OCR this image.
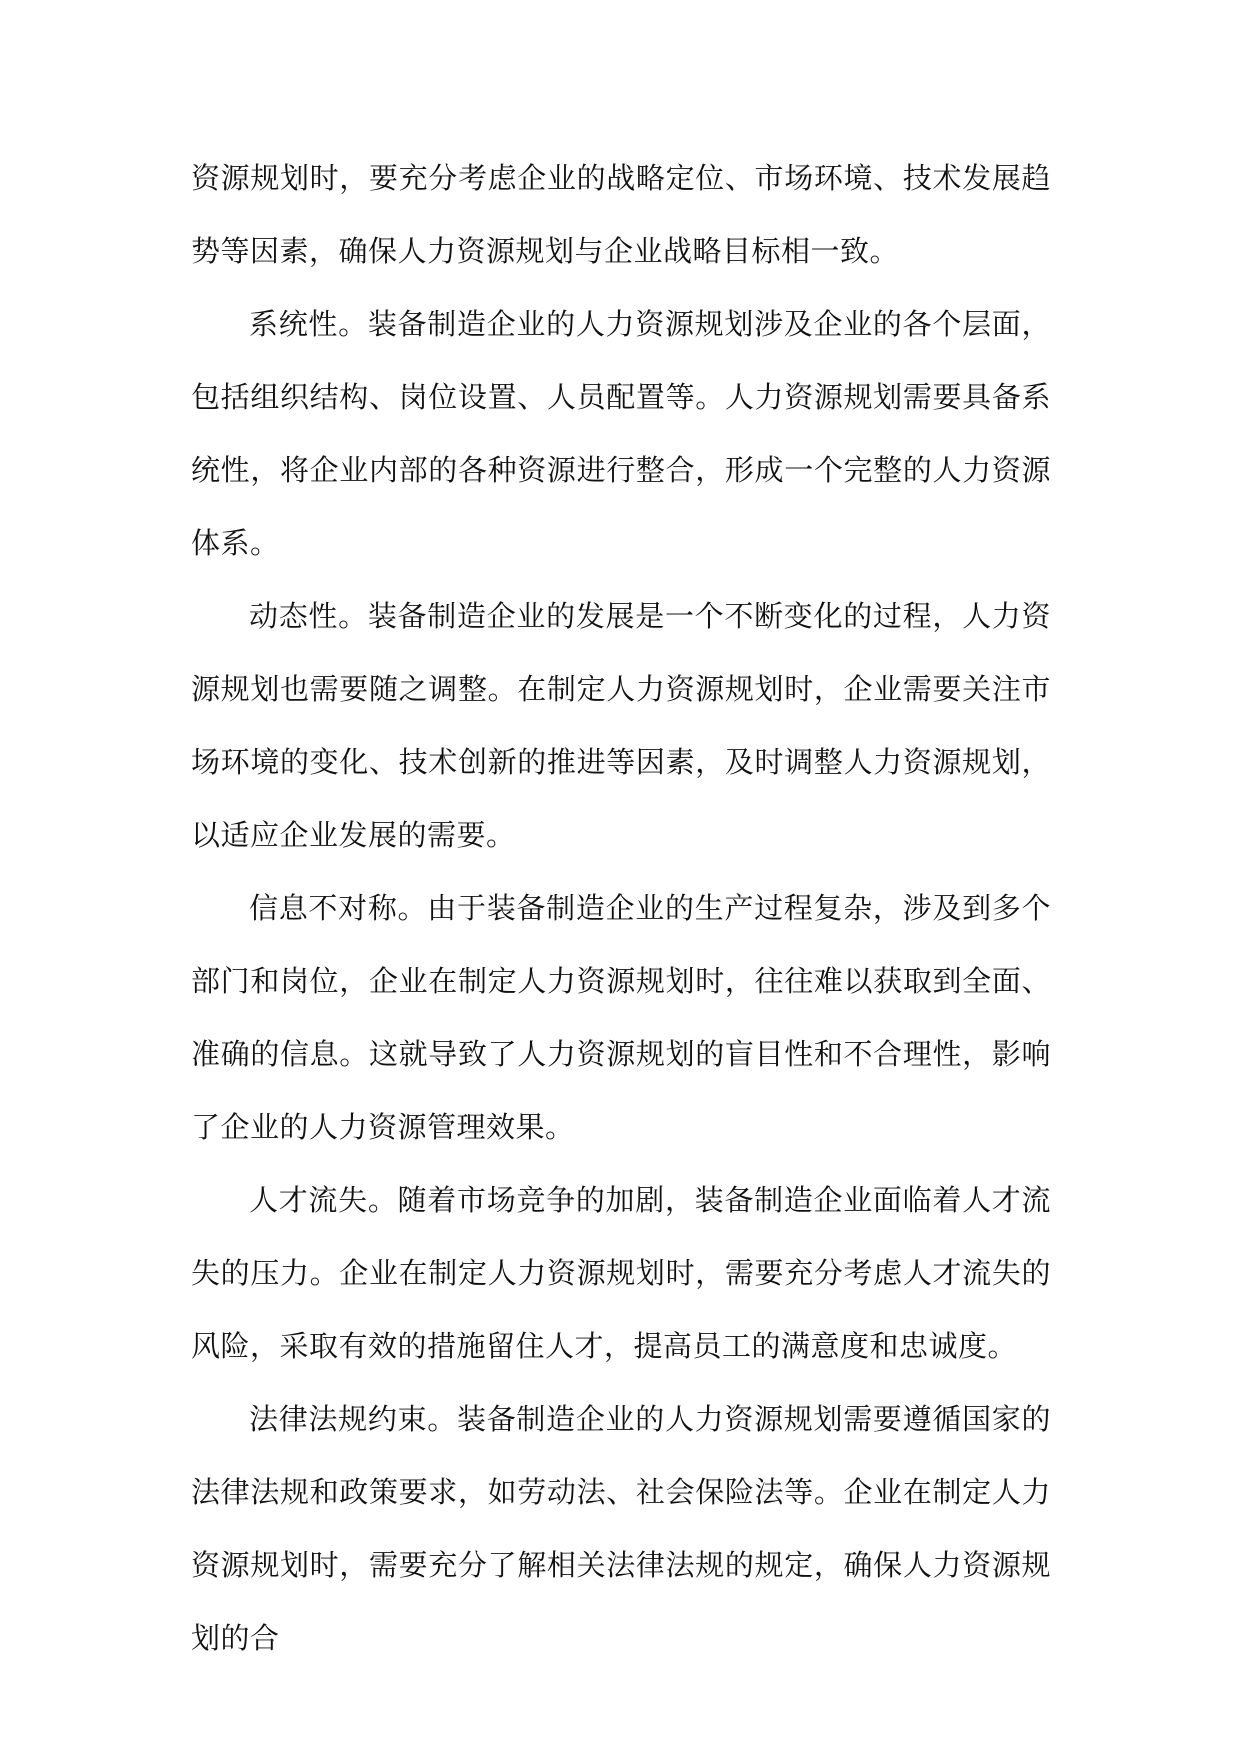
资源规划时，要充分考虑企业的战略定位、市场环境、技术发展趋势等因素，确保人力资源规划与企业战略目标相一致。

系统性。装备制造企业的人力资源规划涉及企业的各个层面，包括组织结构、岗位设置、人员配置等。人力资源规划需要具备系统性，将企业内部的各种资源进行整合，形成一个完整的人力资源体系。

动态性。装备制造企业的发展是一个不断变化的过程，人力资源规划也需要随之调整。在制定人力资源规划时，企业需要关注市场环境的变化、技术创新的推进等因素，及时调整人力资源规划，以适应企业发展的需要。

信息不对称。由于装备制造企业的生产过程复杂，涉及到多个部门和岗位，企业在制定人力资源规划时，往往难以获取到全面、准确的信息。这就导致了人力资源规划的盲目性和不合理性，影响了企业的人力资源管理效果。

人才流失。随着市场竞争的加剧，装备制造企业面临着人才流失的压力。企业在制定人力资源规划时，需要充分考虑人才流失的风险，采取有效的措施留住人才，提高员工的满意度和忠诚度。

法律法规约束。装备制造企业的人力资源规划需要遵循国家的法律法规和政策要求，如劳动法、社会保险法等。企业在制定人力资源规划时，需要充分了解相关法律法规的规定，确保人力资源规划的合
